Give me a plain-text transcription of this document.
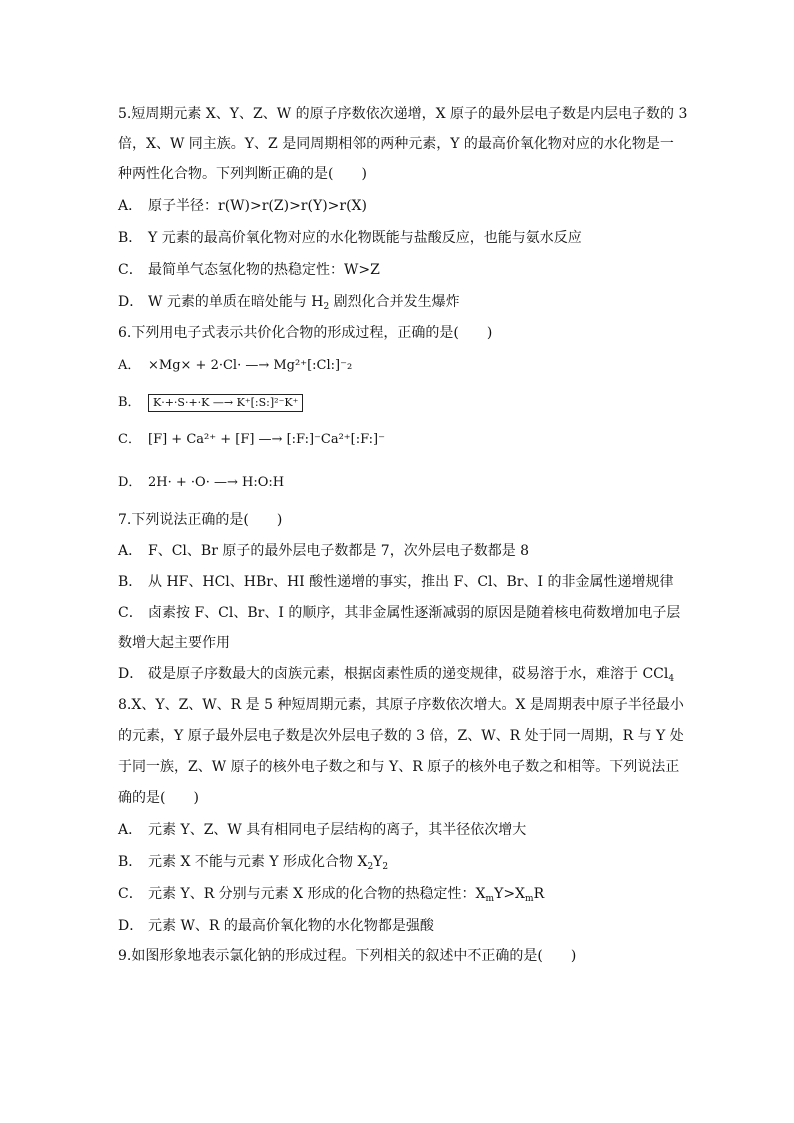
5.短周期元素 X、Y、Z、W 的原子序数依次递增，X 原子的最外层电子数是内层电子数的 3
倍，X、W 同主族。Y、Z 是同周期相邻的两种元素，Y 的最高价氧化物对应的水化物是一
种两性化合物。下列判断正确的是(　　)
A． 原子半径：r(W)>r(Z)>r(Y)>r(X)
B． Y 元素的最高价氧化物对应的水化物既能与盐酸反应，也能与氨水反应
C． 最简单气态氢化物的热稳定性：W>Z
D． W 元素的单质在暗处能与 $H_2$ 剧烈化合并发生爆炸
6.下列用电子式表示共价化合物的形成过程，正确的是(　　)
A． ×Mg× + 2·Cl· —→ Mg²⁺[:Cl:]⁻₂
B． K·+·S·+·K —→ K⁺[:S:]²⁻K⁺
C． [F] + Ca²⁺ + [F] —→ [:F:]⁻Ca²⁺[:F:]⁻
D． 2H· + ·O· —→ H:O:H
7.下列说法正确的是(　　)
A． F、Cl、Br 原子的最外层电子数都是 7，次外层电子数都是 8
B． 从 HF、HCl、HBr、HI 酸性递增的事实，推出 F、Cl、Br、I 的非金属性递增规律
C． 卤素按 F、Cl、Br、I 的顺序，其非金属性逐渐减弱的原因是随着核电荷数增加电子层
数增大起主要作用
D． 砹是原子序数最大的卤族元素，根据卤素性质的递变规律，砹易溶于水，难溶于 CCl$_4$
8.X、Y、Z、W、R 是 5 种短周期元素，其原子序数依次增大。X 是周期表中原子半径最小
的元素，Y 原子最外层电子数是次外层电子数的 3 倍，Z、W、R 处于同一周期，R 与 Y 处
于同一族，Z、W 原子的核外电子数之和与 Y、R 原子的核外电子数之和相等。下列说法正
确的是(　　)
A． 元素 Y、Z、W 具有相同电子层结构的离子，其半径依次增大
B． 元素 X 不能与元素 Y 形成化合物 $X_2Y_2$
C． 元素 Y、R 分别与元素 X 形成的化合物的热稳定性：$X_mY>X_mR$
D． 元素 W、R 的最高价氧化物的水化物都是强酸
9.如图形象地表示氯化钠的形成过程。下列相关的叙述中不正确的是(　　)
